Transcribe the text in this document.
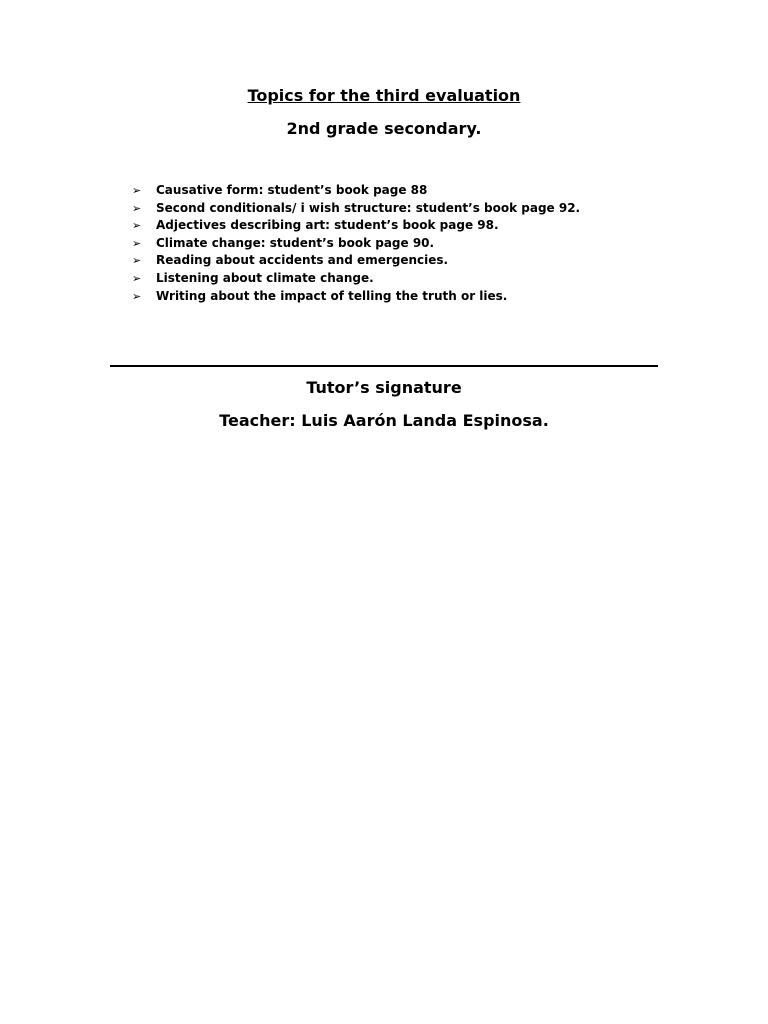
Topics for the third evaluation
2nd grade secondary.
➢	Causative form: student’s book page 88
➢	Second conditionals/ i wish structure: student’s book page 92.
➢	Adjectives describing art: student’s book page 98.
➢	Climate change: student’s book page 90.
➢	Reading about accidents and emergencies.
➢	Listening about climate change.
➢	Writing about the impact of telling the truth or lies.
Tutor’s signature
Teacher: Luis Aarón Landa Espinosa.
